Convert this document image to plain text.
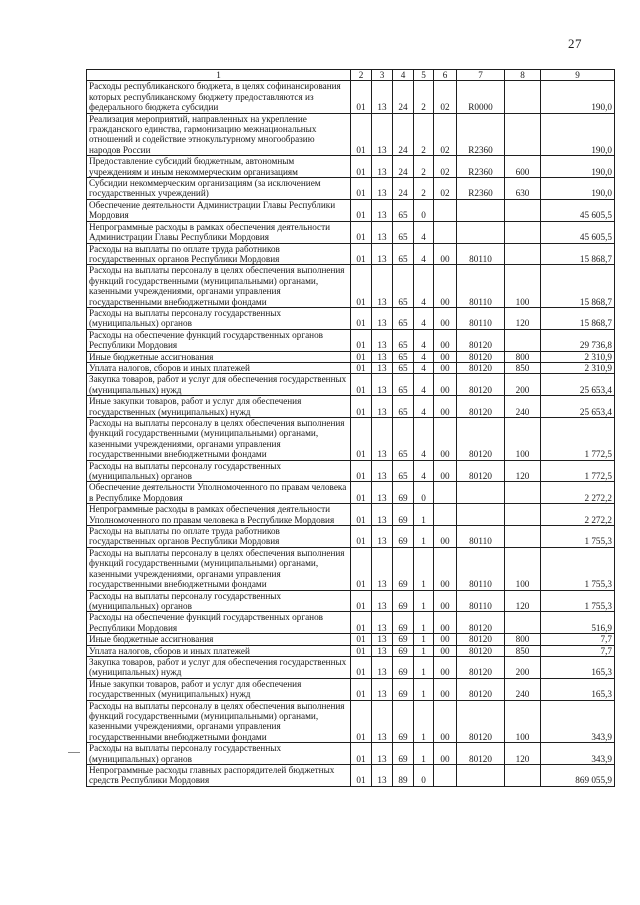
27
1	2	3	4	5	6	7	8	9
Расходы республиканского бюджета, в целях софинансирования которых республиканскому бюджету предоставляются из федерального бюджета субсидии	01	13	24	2	02	R0000		190,0
Реализация мероприятий, направленных на укрепление гражданского единства, гармонизацию межнациональных отношений и содействие этнокультурному многообразию народов России	01	13	24	2	02	R2360		190,0
Предоставление субсидий бюджетным, автономным учреждениям и иным некоммерческим организациям	01	13	24	2	02	R2360	600	190,0
Субсидии некоммерческим организациям (за исключением государственных учреждений)	01	13	24	2	02	R2360	630	190,0
Обеспечение деятельности Администрации Главы Республики Мордовия	01	13	65	0				45 605,5
Непрограммные расходы в рамках обеспечения деятельности Администрации Главы Республики Мордовия	01	13	65	4				45 605,5
Расходы на выплаты по оплате труда работников государственных органов Республики Мордовия	01	13	65	4	00	80110		15 868,7
Расходы на выплаты персоналу в целях обеспечения выполнения функций государственными (муниципальными) органами, казенными учреждениями, органами управления государственными внебюджетными фондами	01	13	65	4	00	80110	100	15 868,7
Расходы на выплаты персоналу государственных (муниципальных) органов	01	13	65	4	00	80110	120	15 868,7
Расходы на обеспечение функций государственных органов Республики Мордовия	01	13	65	4	00	80120		29 736,8
Иные бюджетные ассигнования	01	13	65	4	00	80120	800	2 310,9
Уплата налогов, сборов и иных платежей	01	13	65	4	00	80120	850	2 310,9
Закупка товаров, работ и услуг для обеспечения государственных (муниципальных) нужд	01	13	65	4	00	80120	200	25 653,4
Иные закупки товаров, работ и услуг для обеспечения государственных (муниципальных) нужд	01	13	65	4	00	80120	240	25 653,4
Расходы на выплаты персоналу в целях обеспечения выполнения функций государственными (муниципальными) органами, казенными учреждениями, органами управления государственными внебюджетными фондами	01	13	65	4	00	80120	100	1 772,5
Расходы на выплаты персоналу государственных (муниципальных) органов	01	13	65	4	00	80120	120	1 772,5
Обеспечение деятельности Уполномоченного по правам человека в Республике Мордовия	01	13	69	0				2 272,2
Непрограммные расходы в рамках обеспечения деятельности Уполномоченного по правам человека в Республике Мордовия	01	13	69	1				2 272,2
Расходы на выплаты по оплате труда работников государственных органов Республики Мордовия	01	13	69	1	00	80110		1 755,3
Расходы на выплаты персоналу в целях обеспечения выполнения функций государственными (муниципальными) органами, казенными учреждениями, органами управления государственными внебюджетными фондами	01	13	69	1	00	80110	100	1 755,3
Расходы на выплаты персоналу государственных (муниципальных) органов	01	13	69	1	00	80110	120	1 755,3
Расходы на обеспечение функций государственных органов Республики Мордовия	01	13	69	1	00	80120		516,9
Иные бюджетные ассигнования	01	13	69	1	00	80120	800	7,7
Уплата налогов, сборов и иных платежей	01	13	69	1	00	80120	850	7,7
Закупка товаров, работ и услуг для обеспечения государственных (муниципальных) нужд	01	13	69	1	00	80120	200	165,3
Иные закупки товаров, работ и услуг для обеспечения государственных (муниципальных) нужд	01	13	69	1	00	80120	240	165,3
Расходы на выплаты персоналу в целях обеспечения выполнения функций государственными (муниципальными) органами, казенными учреждениями, органами управления государственными внебюджетными фондами	01	13	69	1	00	80120	100	343,9
Расходы на выплаты персоналу государственных (муниципальных) органов	01	13	69	1	00	80120	120	343,9
Непрограммные расходы главных распорядителей бюджетных средств Республики Мордовия	01	13	89	0				869 055,9
